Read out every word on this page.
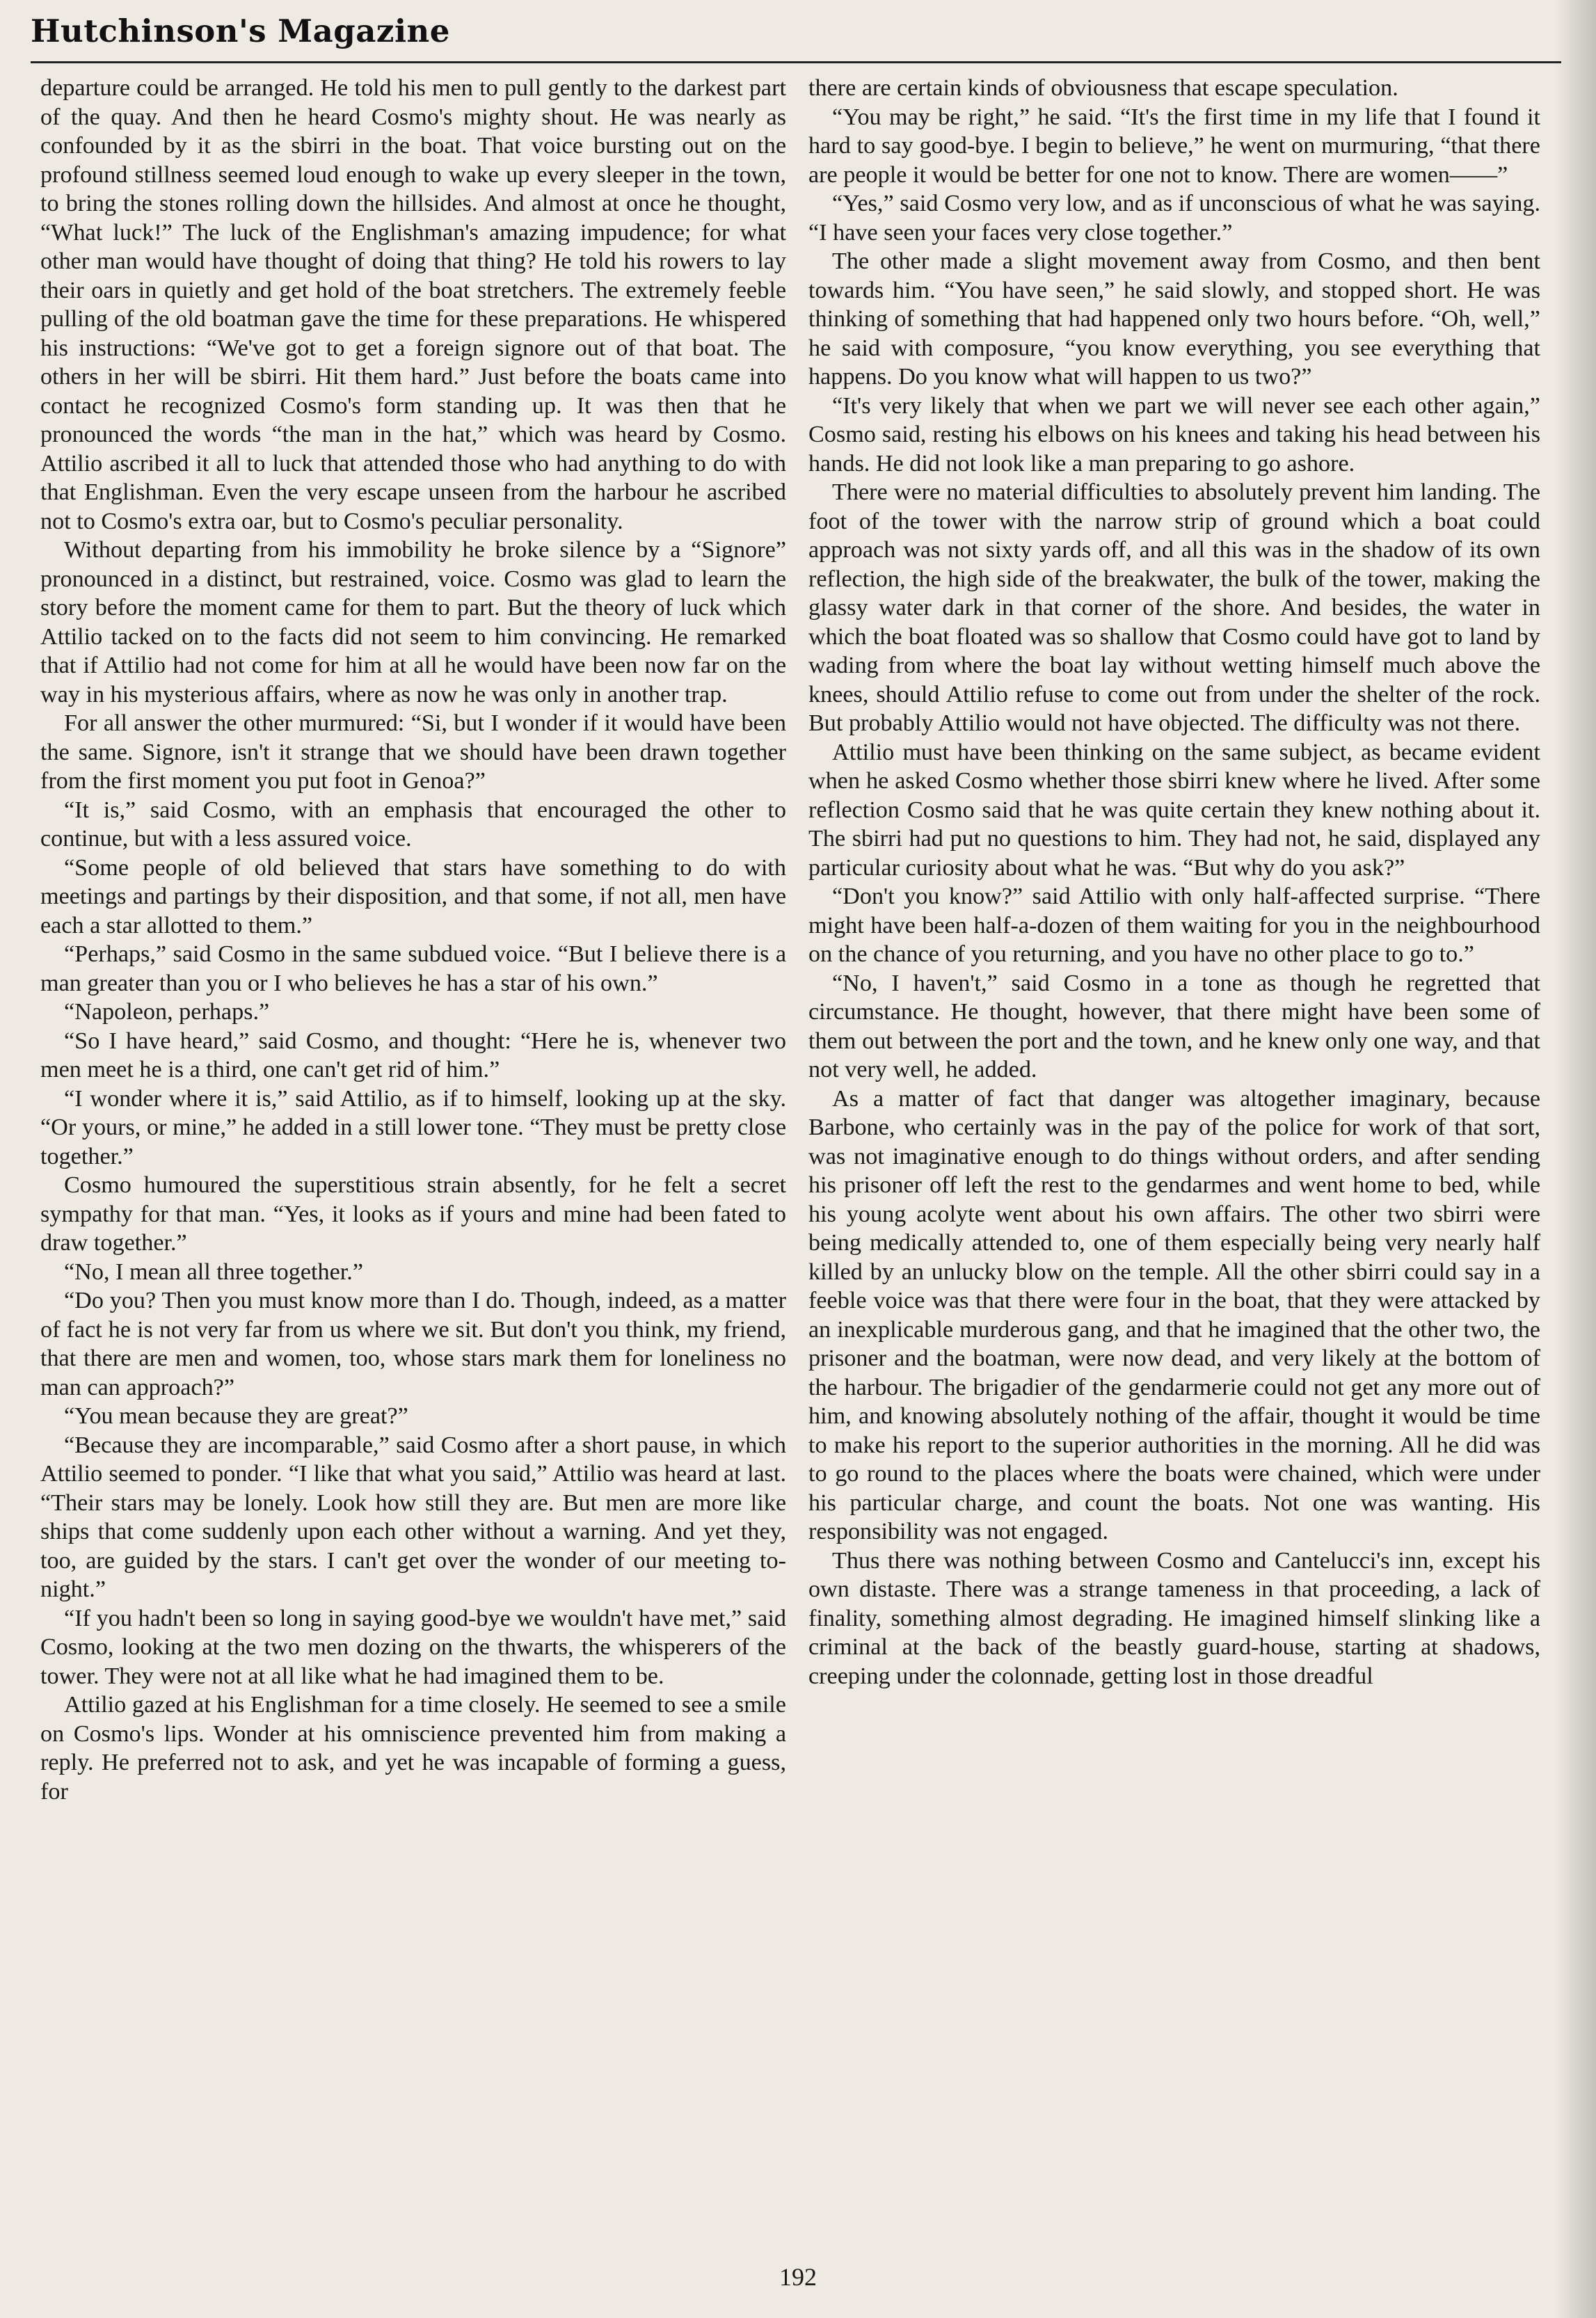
Hutchinson's Magazine

departure could be arranged. He told his men to pull gently to the darkest part of the quay. And then he heard Cosmo's mighty shout. He was nearly as confounded by it as the sbirri in the boat. That voice bursting out on the profound stillness seemed loud enough to wake up every sleeper in the town, to bring the stones rolling down the hillsides. And almost at once he thought, “What luck!” The luck of the Englishman's amazing impudence; for what other man would have thought of doing that thing? He told his rowers to lay their oars in quietly and get hold of the boat stretchers. The extremely feeble pulling of the old boatman gave the time for these preparations. He whispered his instructions: “We've got to get a foreign signore out of that boat. The others in her will be sbirri. Hit them hard.” Just before the boats came into contact he recognized Cosmo's form standing up. It was then that he pronounced the words “the man in the hat,” which was heard by Cosmo. Attilio ascribed it all to luck that attended those who had anything to do with that Englishman. Even the very escape unseen from the harbour he ascribed not to Cosmo's extra oar, but to Cosmo's peculiar personality.

Without departing from his immobility he broke silence by a “Signore” pronounced in a distinct, but restrained, voice. Cosmo was glad to learn the story before the moment came for them to part. But the theory of luck which Attilio tacked on to the facts did not seem to him convincing. He remarked that if Attilio had not come for him at all he would have been now far on the way in his mysterious affairs, where as now he was only in another trap.

For all answer the other murmured: “Si, but I wonder if it would have been the same. Signore, isn't it strange that we should have been drawn together from the first moment you put foot in Genoa?”

“It is,” said Cosmo, with an emphasis that encouraged the other to continue, but with a less assured voice.

“Some people of old believed that stars have something to do with meetings and partings by their disposition, and that some, if not all, men have each a star allotted to them.”

“Perhaps,” said Cosmo in the same subdued voice. “But I believe there is a man greater than you or I who believes he has a star of his own.”

“Napoleon, perhaps.”

“So I have heard,” said Cosmo, and thought: “Here he is, whenever two men meet he is a third, one can't get rid of him.”

“I wonder where it is,” said Attilio, as if to himself, looking up at the sky. “Or yours, or mine,” he added in a still lower tone. “They must be pretty close together.”

Cosmo humoured the superstitious strain absently, for he felt a secret sympathy for that man. “Yes, it looks as if yours and mine had been fated to draw together.”

“No, I mean all three together.”

“Do you? Then you must know more than I do. Though, indeed, as a matter of fact he is not very far from us where we sit. But don't you think, my friend, that there are men and women, too, whose stars mark them for loneliness no man can approach?”

“You mean because they are great?”

“Because they are incomparable,” said Cosmo after a short pause, in which Attilio seemed to ponder. “I like that what you said,” Attilio was heard at last. “Their stars may be lonely. Look how still they are. But men are more like ships that come suddenly upon each other without a warning. And yet they, too, are guided by the stars. I can't get over the wonder of our meeting to-night.”

“If you hadn't been so long in saying good-bye we wouldn't have met,” said Cosmo, looking at the two men dozing on the thwarts, the whisperers of the tower. They were not at all like what he had imagined them to be.

Attilio gazed at his Englishman for a time closely. He seemed to see a smile on Cosmo's lips. Wonder at his omniscience prevented him from making a reply. He preferred not to ask, and yet he was incapable of forming a guess, for

there are certain kinds of obviousness that escape speculation.

“You may be right,” he said. “It's the first time in my life that I found it hard to say good-bye. I begin to believe,” he went on murmuring, “that there are people it would be better for one not to know. There are women——”

“Yes,” said Cosmo very low, and as if unconscious of what he was saying. “I have seen your faces very close together.”

The other made a slight movement away from Cosmo, and then bent towards him. “You have seen,” he said slowly, and stopped short. He was thinking of something that had happened only two hours before. “Oh, well,” he said with composure, “you know everything, you see everything that happens. Do you know what will happen to us two?”

“It's very likely that when we part we will never see each other again,” Cosmo said, resting his elbows on his knees and taking his head between his hands. He did not look like a man preparing to go ashore.

There were no material difficulties to absolutely prevent him landing. The foot of the tower with the narrow strip of ground which a boat could approach was not sixty yards off, and all this was in the shadow of its own reflection, the high side of the breakwater, the bulk of the tower, making the glassy water dark in that corner of the shore. And besides, the water in which the boat floated was so shallow that Cosmo could have got to land by wading from where the boat lay without wetting himself much above the knees, should Attilio refuse to come out from under the shelter of the rock. But probably Attilio would not have objected. The difficulty was not there.

Attilio must have been thinking on the same subject, as became evident when he asked Cosmo whether those sbirri knew where he lived. After some reflection Cosmo said that he was quite certain they knew nothing about it. The sbirri had put no questions to him. They had not, he said, displayed any particular curiosity about what he was. “But why do you ask?”

“Don't you know?” said Attilio with only half-affected surprise. “There might have been half-a-dozen of them waiting for you in the neighbourhood on the chance of you returning, and you have no other place to go to.”

“No, I haven't,” said Cosmo in a tone as though he regretted that circumstance. He thought, however, that there might have been some of them out between the port and the town, and he knew only one way, and that not very well, he added.

As a matter of fact that danger was altogether imaginary, because Barbone, who certainly was in the pay of the police for work of that sort, was not imaginative enough to do things without orders, and after sending his prisoner off left the rest to the gendarmes and went home to bed, while his young acolyte went about his own affairs. The other two sbirri were being medically attended to, one of them especially being very nearly half killed by an unlucky blow on the temple. All the other sbirri could say in a feeble voice was that there were four in the boat, that they were attacked by an inexplicable murderous gang, and that he imagined that the other two, the prisoner and the boatman, were now dead, and very likely at the bottom of the harbour. The brigadier of the gendarmerie could not get any more out of him, and knowing absolutely nothing of the affair, thought it would be time to make his report to the superior authorities in the morning. All he did was to go round to the places where the boats were chained, which were under his particular charge, and count the boats. Not one was wanting. His responsibility was not engaged.

Thus there was nothing between Cosmo and Cantelucci's inn, except his own distaste. There was a strange tameness in that proceeding, a lack of finality, something almost degrading. He imagined himself slinking like a criminal at the back of the beastly guard-house, starting at shadows, creeping under the colonnade, getting lost in those dreadful

192
